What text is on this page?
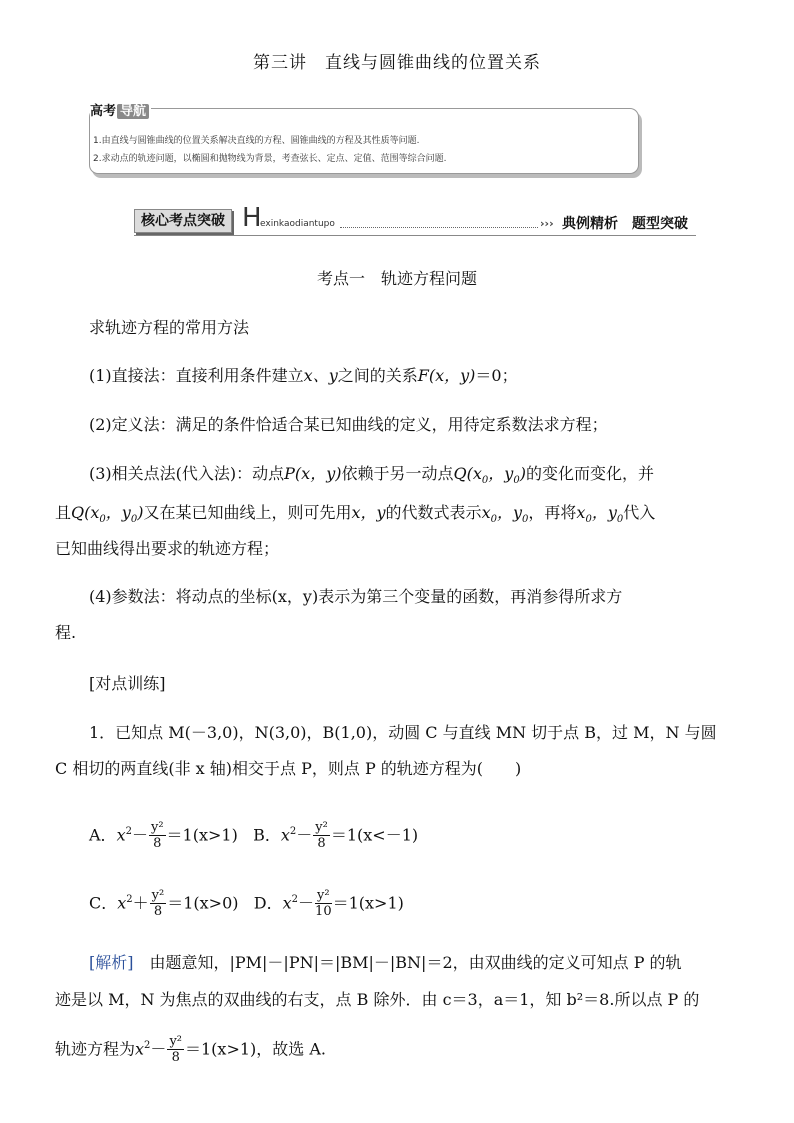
第三讲　直线与圆锥曲线的位置关系
高考 导航
1.由直线与圆锥曲线的位置关系解决直线的方程、圆锥曲线的方程及其性质等问题.
2.求动点的轨迹问题，以椭圆和抛物线为背景，考查弦长、定点、定值、范围等综合问题.
核心考点突破 H
exinkaodiantupo	››› 典例精析　题型突破
考点一　轨迹方程问题
求轨迹方程的常用方法
(1)直接法：直接利用条件建立x、y之间的关系F(x，y)＝0；
(2)定义法：满足的条件恰适合某已知曲线的定义，用待定系数法求方程；
(3)相关点法(代入法)：动点P(x，y)依赖于另一动点$Q(x_0$，$y_0$)的变化而变化，并
且$Q(x_0$，$y_0$)又在某已知曲线上，则可先用x，y的代数式表示$x_0$，$y_0$，再将$x_0$，$y_0$代入
已知曲线得出要求的轨迹方程；
(4)参数法：将动点的坐标(x，y)表示为第三个变量的函数，再消参得所求方
程.
[对点训练]
1．已知点 M(－3,0)，N(3,0)，B(1,0)，动圆 C 与直线 MN 切于点 B，过 M，N 与圆
C 相切的两直线(非 x 轴)相交于点 P，则点 P 的轨迹方程为(　　)
A．$x^2- \frac{\text{y²}}{8} =1(x>1)$ B．$x^2- \frac{\text{y²}}{8} =1(x<-1)$
C．$x^2+ \frac{\text{y²}}{8} =1(x>0)$ D．$x^2- \frac{\text{y²}}{10} =1(x>1)$
[解析]　由题意知，|PM|－|PN|＝|BM|－|BN|＝2，由双曲线的定义可知点 P 的轨
迹是以 M，N 为焦点的双曲线的右支，点 B 除外．由 c＝3，a＝1，知 b²＝8.所以点 P 的
轨迹方程为$x^2- \frac{\text{y²}}{8} =1(x>1)$，故选 A.
